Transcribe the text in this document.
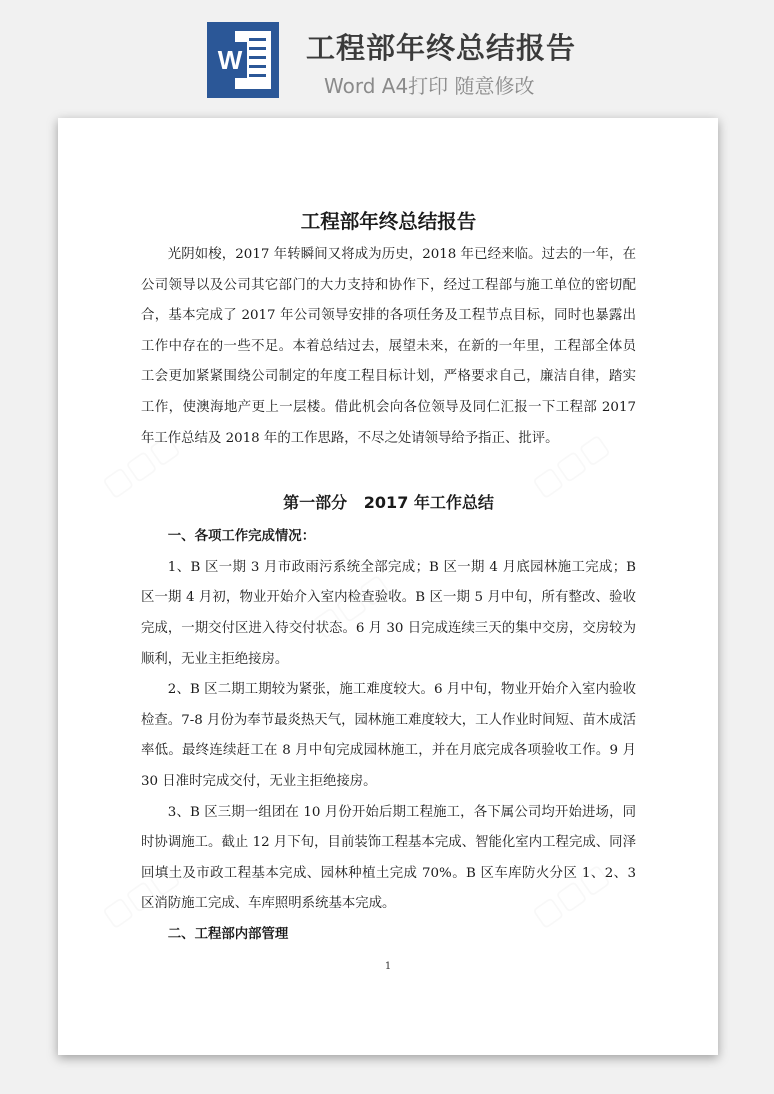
W 工程部年终总结报告
Word A4打印 随意修改
▢▢▢	▢▢▢
▢▢▢
▢▢▢	▢▢▢
工程部年终总结报告

光阴如梭，2017 年转瞬间又将成为历史，2018 年已经来临。过去的一年，在公司领导以及公司其它部门的大力支持和协作下，经过工程部与施工单位的密切配合，基本完成了 2017 年公司领导安排的各项任务及工程节点目标，同时也暴露出工作中存在的一些不足。本着总结过去，展望未来，在新的一年里，工程部全体员工会更加紧紧围绕公司制定的年度工程目标计划，严格要求自己，廉洁自律，踏实工作，使澳海地产更上一层楼。借此机会向各位领导及同仁汇报一下工程部 2017 年工作总结及 2018 年的工作思路，不尽之处请领导给予指正、批评。

第一部分   2017 年工作总结
一、各项工作完成情况：

1、B 区一期 3 月市政雨污系统全部完成；B 区一期 4 月底园林施工完成；B 区一期 4 月初，物业开始介入室内检查验收。B 区一期 5 月中旬，所有整改、验收完成，一期交付区进入待交付状态。6 月 30 日完成连续三天的集中交房，交房较为顺利，无业主拒绝接房。

2、B 区二期工期较为紧张，施工难度较大。6 月中旬，物业开始介入室内验收检查。7-8 月份为奉节最炎热天气，园林施工难度较大，工人作业时间短、苗木成活率低。最终连续赶工在 8 月中旬完成园林施工，并在月底完成各项验收工作。9 月 30 日准时完成交付，无业主拒绝接房。

3、B 区三期一组团在 10 月份开始后期工程施工，各下属公司均开始进场，同时协调施工。截止 12 月下旬，目前装饰工程基本完成、智能化室内工程完成、同泽回填土及市政工程基本完成、园林种植土完成 70%。B 区车库防火分区 1、2、3 区消防施工完成、车库照明系统基本完成。

二、工程部内部管理
1
